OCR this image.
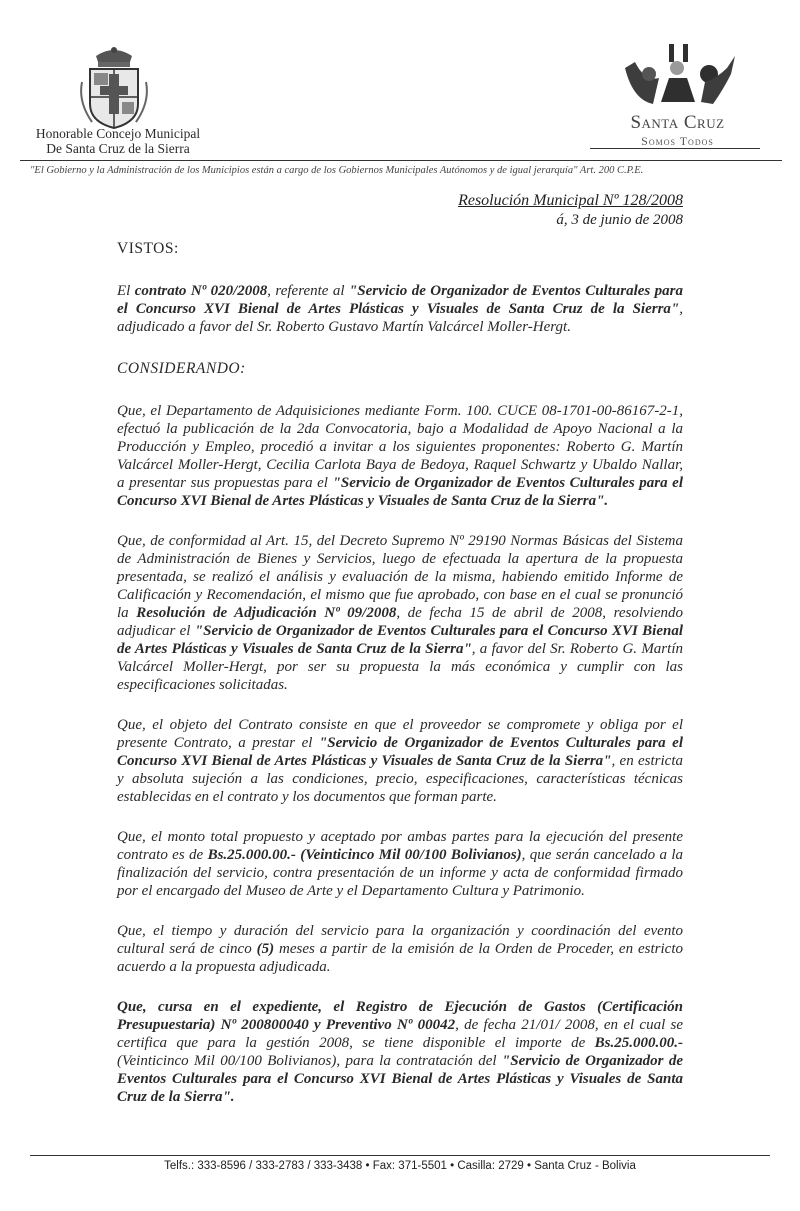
Honorable Concejo Municipal
De Santa Cruz de la Sierra
Santa Cruz
Somos Todos
"El Gobierno y la Administración de los Municipios están a cargo de los Gobiernos Municipales Autónomos y de igual jerarquía" Art. 200 C.P.E.
Resolución Municipal Nº 128/2008
á, 3 de junio de 2008

VISTOS:

El contrato Nº 020/2008, referente al "Servicio de Organizador de Eventos Culturales para el Concurso XVI Bienal de Artes Plásticas y Visuales de Santa Cruz de la Sierra", adjudicado a favor del Sr. Roberto Gustavo Martín Valcárcel Moller-Hergt.

CONSIDERANDO:

Que, el Departamento de Adquisiciones mediante Form. 100. CUCE 08-1701-00-86167-2-1, efectuó la publicación de la 2da Convocatoria, bajo a Modalidad de Apoyo Nacional a la Producción y Empleo, procedió a invitar a los siguientes proponentes: Roberto G. Martín Valcárcel Moller-Hergt, Cecilia Carlota Baya de Bedoya, Raquel Schwartz y Ubaldo Nallar, a presentar sus propuestas para el "Servicio de Organizador de Eventos Culturales para el Concurso XVI Bienal de Artes Plásticas y Visuales de Santa Cruz de la Sierra".

Que, de conformidad al Art. 15, del Decreto Supremo Nº 29190 Normas Básicas del Sistema de Administración de Bienes y Servicios, luego de efectuada la apertura de la propuesta presentada, se realizó el análisis y evaluación de la misma, habiendo emitido Informe de Calificación y Recomendación, el mismo que fue aprobado, con base en el cual se pronunció la Resolución de Adjudicación Nº 09/2008, de fecha 15 de abril de 2008, resolviendo adjudicar el "Servicio de Organizador de Eventos Culturales para el Concurso XVI Bienal de Artes Plásticas y Visuales de Santa Cruz de la Sierra", a favor del Sr. Roberto G. Martín Valcárcel Moller-Hergt, por ser su propuesta la más económica y cumplir con las especificaciones solicitadas.

Que, el objeto del Contrato consiste en que el proveedor se compromete y obliga por el presente Contrato, a prestar el "Servicio de Organizador de Eventos Culturales para el Concurso XVI Bienal de Artes Plásticas y Visuales de Santa Cruz de la Sierra", en estricta y absoluta sujeción a las condiciones, precio, especificaciones, características técnicas establecidas en el contrato y los documentos que forman parte.

Que, el monto total propuesto y aceptado por ambas partes para la ejecución del presente contrato es de Bs.25.000.00.- (Veinticinco Mil 00/100 Bolivianos), que serán cancelado a la finalización del servicio, contra presentación de un informe y acta de conformidad firmado por el encargado del Museo de Arte y el Departamento Cultura y Patrimonio.

Que, el tiempo y duración del servicio para la organización y coordinación del evento cultural será de cinco (5) meses a partir de la emisión de la Orden de Proceder, en estricto acuerdo a la propuesta adjudicada.

Que, cursa en el expediente, el Registro de Ejecución de Gastos (Certificación Presupuestaria) Nº 200800040 y Preventivo Nº 00042, de fecha 21/01/ 2008, en el cual se certifica que para la gestión 2008, se tiene disponible el importe de Bs.25.000.00.- (Veinticinco Mil 00/100 Bolivianos), para la contratación del "Servicio de Organizador de Eventos Culturales para el Concurso XVI Bienal de Artes Plásticas y Visuales de Santa Cruz de la Sierra".

Telfs.: 333-8596 / 333-2783 / 333-3438 • Fax: 371-5501 • Casilla: 2729 • Santa Cruz - Bolivia
